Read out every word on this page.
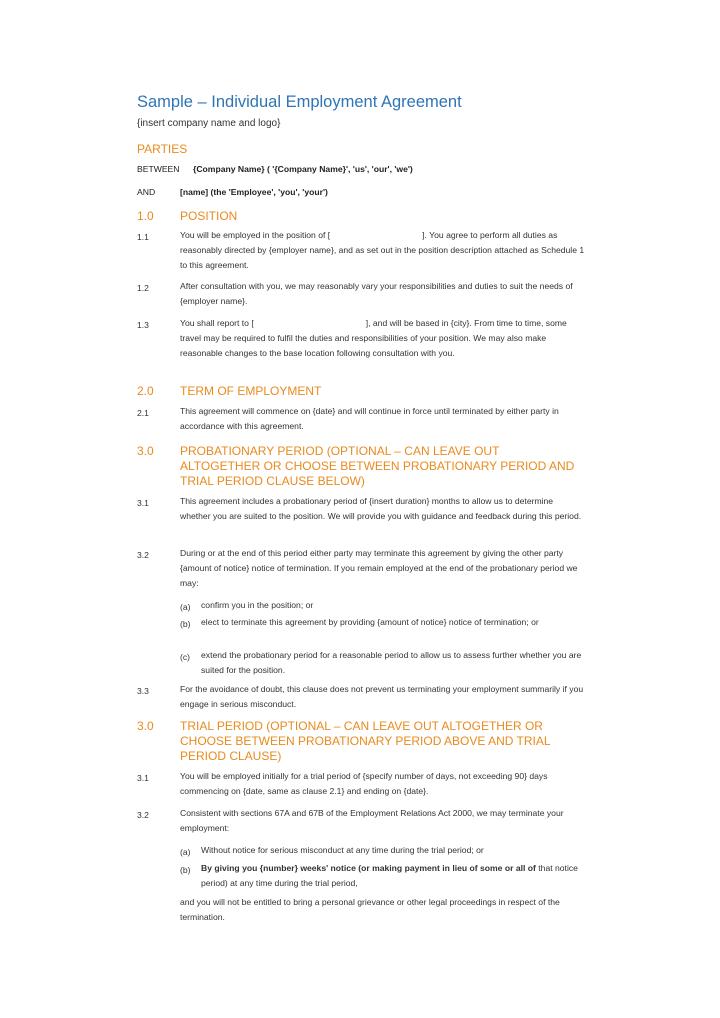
Sample – Individual Employment Agreement
{insert company name and logo}
PARTIES
BETWEEN {Company Name} ( '{Company Name}', 'us', 'our', 'we')
AND	[name] (the 'Employee', 'you', 'your')
1.0 POSITION
1.1	You will be employed in the position of [	]. You agree to perform all duties as reasonably directed by {employer name}, and as set out in the position description attached as Schedule 1 to this agreement.
1.2	After consultation with you, we may reasonably vary your responsibilities and duties to suit the needs of {employer name}.
1.3	You shall report to [	], and will be based in {city}. From time to time, some travel may be required to fulfil the duties and responsibilities of your position. We may also make reasonable changes to the base location following consultation with you.
2.0 TERM OF EMPLOYMENT
2.1	This agreement will commence on {date} and will continue in force until terminated by either party in accordance with this agreement.
3.0 PROBATIONARY PERIOD (OPTIONAL – CAN LEAVE OUT ALTOGETHER OR CHOOSE BETWEEN PROBATIONARY PERIOD AND TRIAL PERIOD CLAUSE BELOW)
3.1	This agreement includes a probationary period of {insert duration} months to allow us to determine whether you are suited to the position. We will provide you with guidance and feedback during this period.
3.2	During or at the end of this period either party may terminate this agreement by giving the other party {amount of notice} notice of termination. If you remain employed at the end of the probationary period we may:
(a) confirm you in the position; or
(b) elect to terminate this agreement by providing {amount of notice} notice of termination; or
(c) extend the probationary period for a reasonable period to allow us to assess further whether you are suited for the position.
3.3	For the avoidance of doubt, this clause does not prevent us terminating your employment summarily if you engage in serious misconduct.
3.0 TRIAL PERIOD (OPTIONAL – CAN LEAVE OUT ALTOGETHER OR CHOOSE BETWEEN PROBATIONARY PERIOD ABOVE AND TRIAL PERIOD CLAUSE)
3.1	You will be employed initially for a trial period of {specify number of days, not exceeding 90} days commencing on {date, same as clause 2.1} and ending on {date}.
3.2	Consistent with sections 67A and 67B of the Employment Relations Act 2000, we may terminate your employment:
(a) Without notice for serious misconduct at any time during the trial period; or
(b) By giving you {number} weeks' notice (or making payment in lieu of some or all of that notice period) at any time during the trial period,
and you will not be entitled to bring a personal grievance or other legal proceedings in respect of the termination.
